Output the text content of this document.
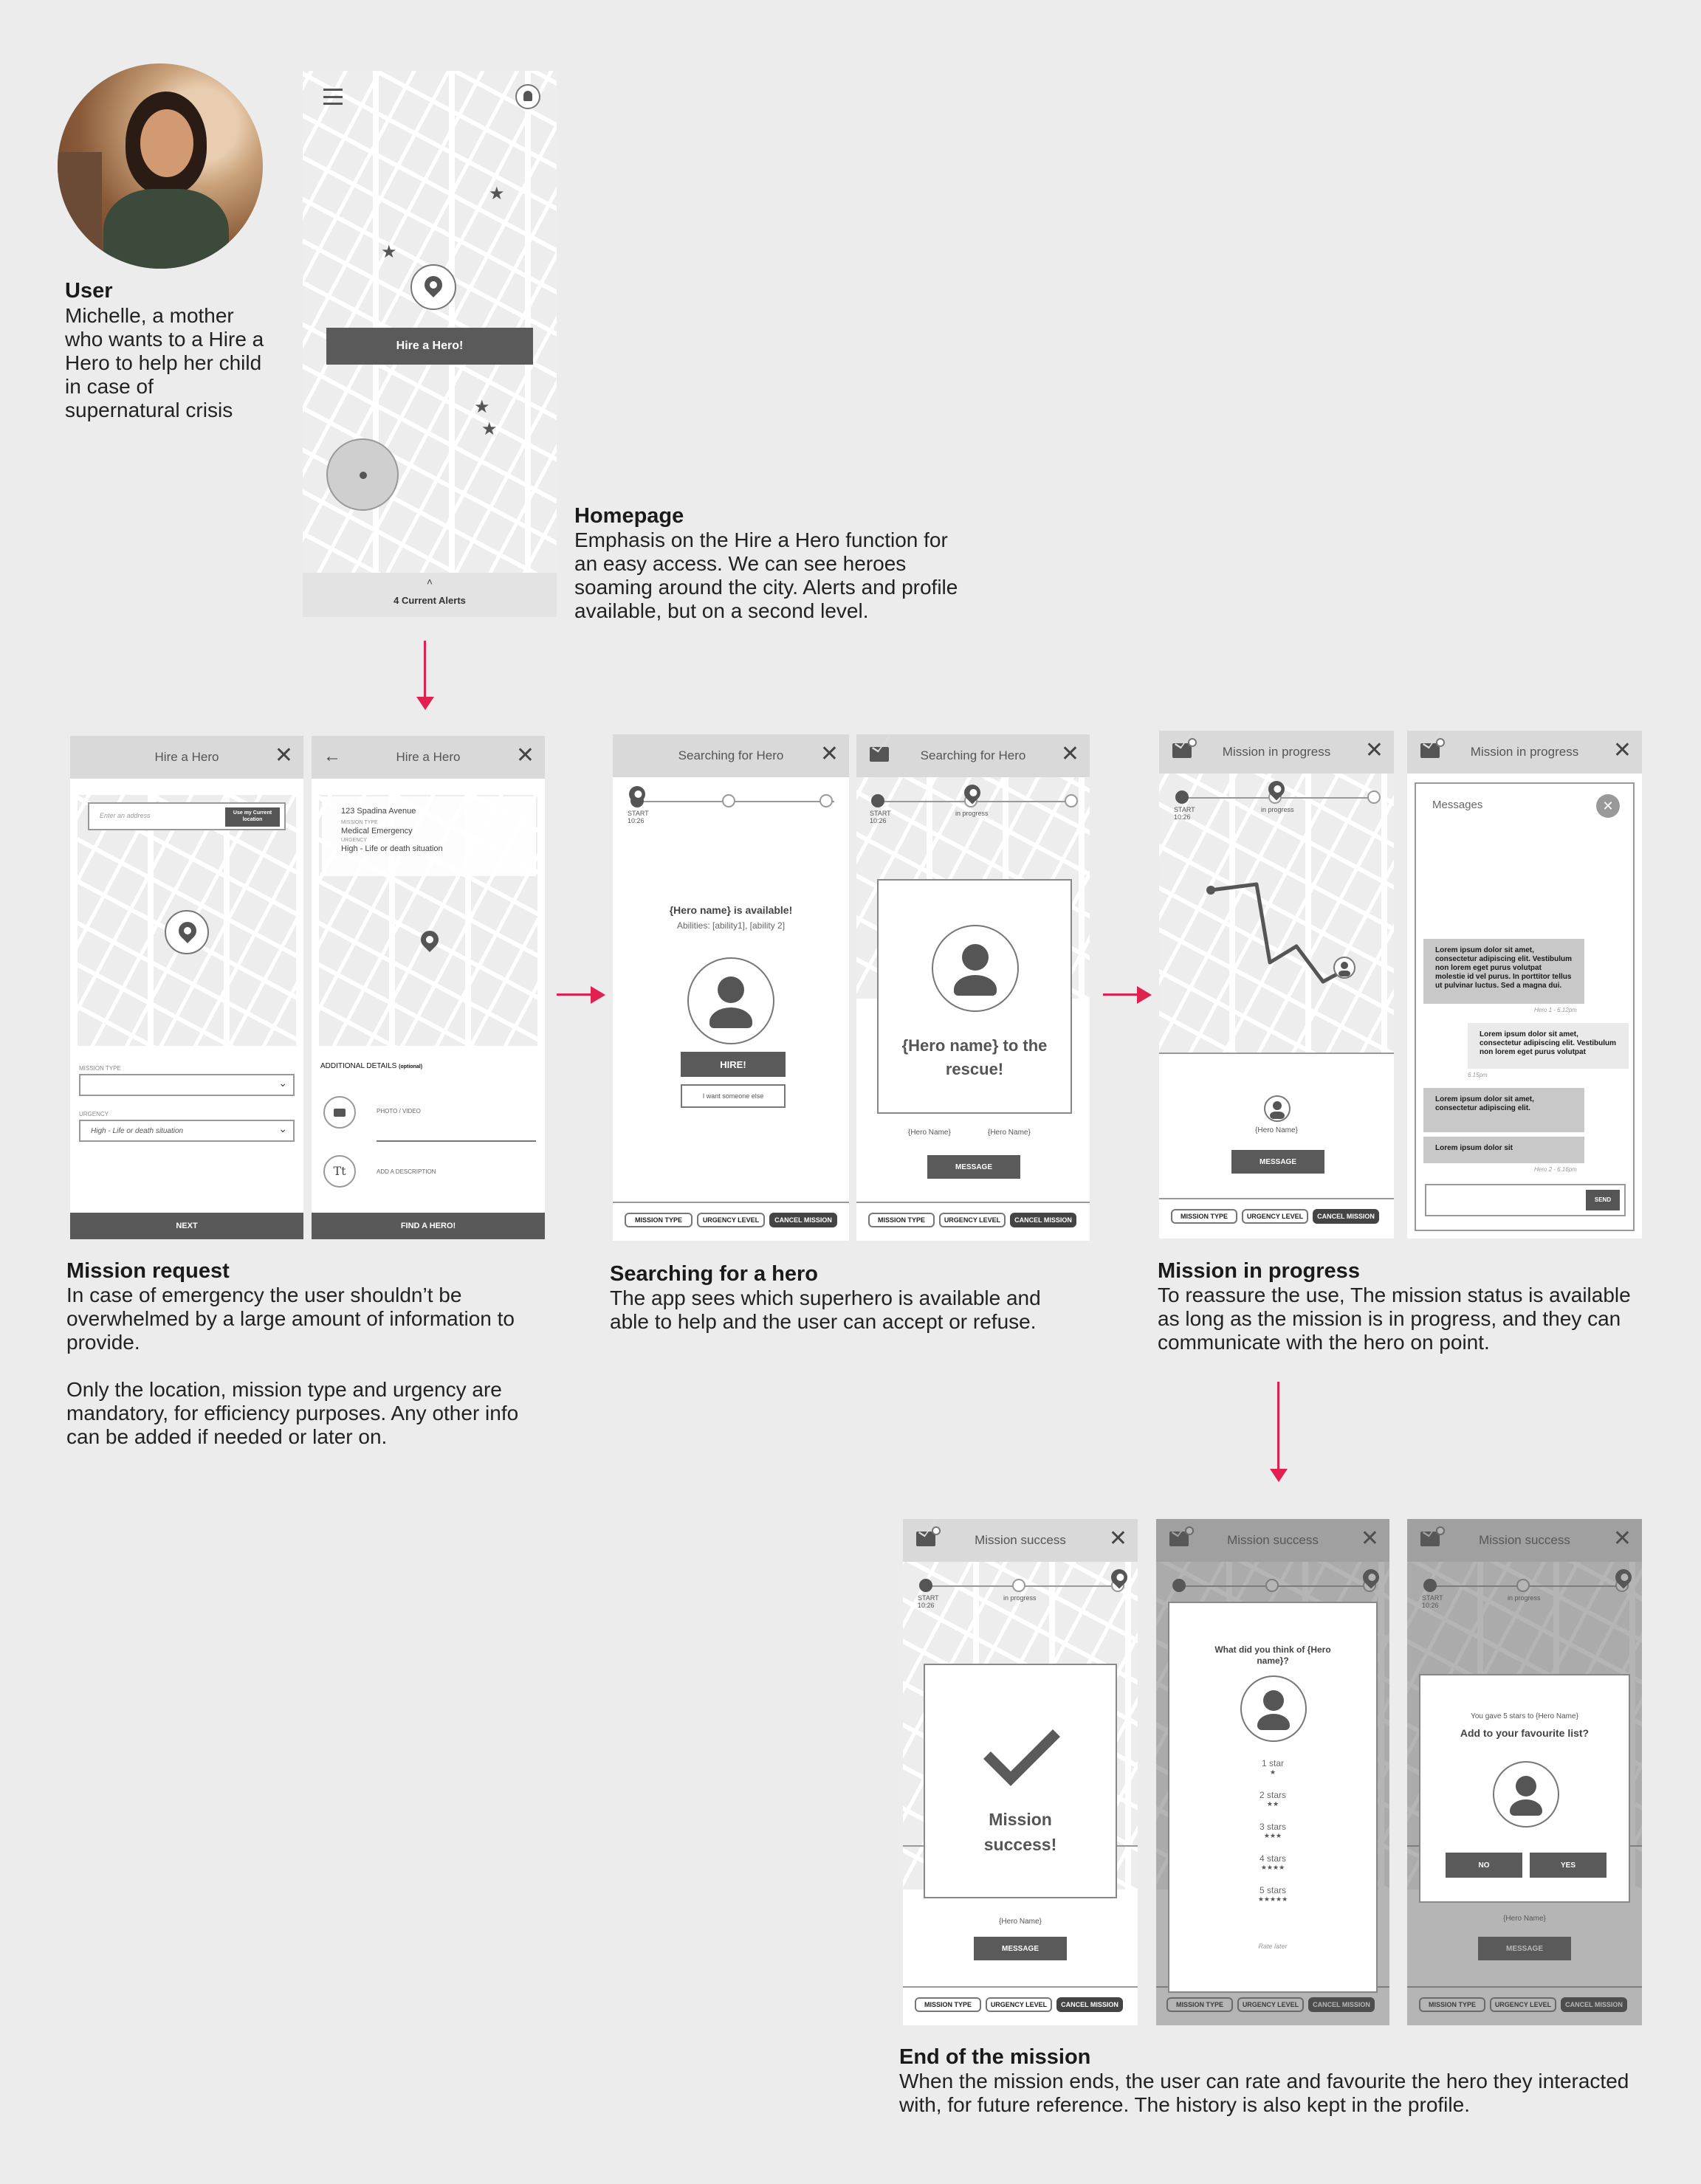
User
Michelle, a mother who wants to a Hire a Hero to help her child in case of supernatural crisis
★
★
★
★
Hire a Hero!
˄
4 Current Alerts
Homepage
Emphasis on the Hire a Hero function for an easy access. We can see heroes soaming around the city. Alerts and profile available, but on a second level.
Hire a Hero	✕
Enter an address	Use my Current location
MISSION TYPE
⌄
URGENCY
High - Life or death situation	⌄
NEXT
←	Hire a Hero	✕
123 Spadina Avenue
MISSION TYPE
Medical Emergency
URGENCY
High - Life or death situation
ADDITIONAL DETAILS (optional)
PHOTO / VIDEO
Tt	ADD A DESCRIPTION
FIND A HERO!
Mission request
In case of emergency the user shouldn’t be overwhelmed by a large amount of information to provide.
Only the location, mission type and urgency are mandatory, for efficiency purposes. Any other info can be added if needed or later on.
Searching for Hero ✕
START
10:26
{Hero name} is available!
Abilities: [ability1], [ability 2]
HIRE!
I want someone else
MISSION TYPE	URGENCY LEVEL	CANCEL MISSION
Searching for Hero ✕
START
10:26
in progress
{Hero Name}	{Hero Name}
MESSAGE
{Hero name} to the rescue!
MISSION TYPE	URGENCY LEVEL	CANCEL MISSION
Searching for a hero
The app sees which superhero is available and able to help and the user can accept or refuse.
Mission in progress ✕
START
10:26
in progress
{Hero Name}
MESSAGE
MISSION TYPE	URGENCY LEVEL	CANCEL MISSION
Mission in progress ✕
Messages	✕
Lorem ipsum dolor sit amet, consectetur adipiscing elit. Vestibulum non lorem eget purus volutpat molestie id vel purus. In porttitor tellus ut pulvinar luctus. Sed a magna dui.
Hero 1 - 6.12pm
Lorem ipsum dolor sit amet, consectetur adipiscing elit. Vestibulum non lorem eget purus volutpat
6.15pm
Lorem ipsum dolor sit amet, consectetur adipiscing elit.
Lorem ipsum dolor sit
Hero 2 - 6.16pm
SEND
Mission in progress
To reassure the use, The mission status is available as long as the mission is in progress, and they can communicate with the hero on point.
Mission success ✕
START
10:26
in progress
{Hero Name}
MESSAGE
Mission success!
MISSION TYPE	URGENCY LEVEL	CANCEL MISSION
Mission success ✕
MISSION TYPE	URGENCY LEVEL	CANCEL MISSION
What did you think of {Hero name}?
1 star
★
2 stars
★★
3 stars
★★★
4 stars
★★★★
5 stars
★★★★★
Rate later
Mission success ✕
START
10:26
in progress
{Hero Name}
MESSAGE
MISSION TYPE	URGENCY LEVEL	CANCEL MISSION
You gave 5 stars to {Hero Name}
Add to your favourite list?
NO	YES
End of the mission
When the mission ends, the user can rate and favourite the hero they interacted with, for future reference. The history is also kept in the profile.
